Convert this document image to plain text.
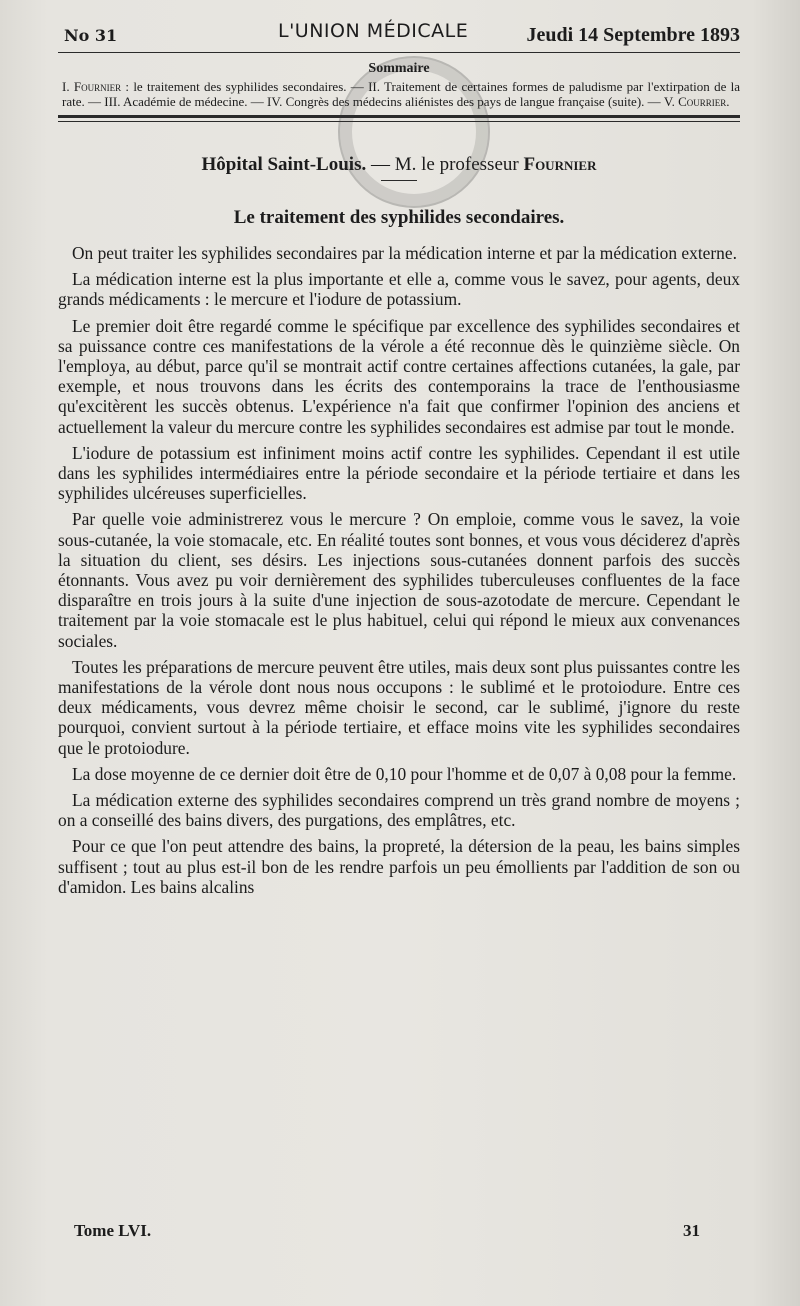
No 31	L'UNION MÉDICALE	Jeudi 14 Septembre 1893
Sommaire
I. Fournier : le traitement des syphilides secondaires. — II. Traitement de certaines formes de paludisme par l'extirpation de la rate. — III. Académie de médecine. — IV. Congrès des médecins aliénistes des pays de langue française (suite). — V. Courrier.
Hôpital Saint-Louis. — M. le professeur Fournier
Le traitement des syphilides secondaires.

On peut traiter les syphilides secondaires par la médication interne et par la médication externe.

La médication interne est la plus importante et elle a, comme vous le savez, pour agents, deux grands médicaments : le mercure et l'iodure de potassium.

Le premier doit être regardé comme le spécifique par excellence des syphilides secondaires et sa puissance contre ces manifestations de la vérole a été reconnue dès le quinzième siècle. On l'employa, au début, parce qu'il se montrait actif contre certaines affections cutanées, la gale, par exemple, et nous trouvons dans les écrits des contemporains la trace de l'enthousiasme qu'excitèrent les succès obtenus. L'expérience n'a fait que confirmer l'opinion des anciens et actuellement la valeur du mercure contre les syphilides secondaires est admise par tout le monde.

L'iodure de potassium est infiniment moins actif contre les syphilides. Cependant il est utile dans les syphilides intermédiaires entre la période secondaire et la période tertiaire et dans les syphilides ulcéreuses superficielles.

Par quelle voie administrerez vous le mercure ? On emploie, comme vous le savez, la voie sous-cutanée, la voie stomacale, etc. En réalité toutes sont bonnes, et vous vous déciderez d'après la situation du client, ses désirs. Les injections sous-cutanées donnent parfois des succès étonnants. Vous avez pu voir dernièrement des syphilides tuberculeuses confluentes de la face disparaître en trois jours à la suite d'une injection de sous-azotodate de mercure. Cependant le traitement par la voie stomacale est le plus habituel, celui qui répond le mieux aux convenances sociales.

Toutes les préparations de mercure peuvent être utiles, mais deux sont plus puissantes contre les manifestations de la vérole dont nous nous occupons : le sublimé et le protoiodure. Entre ces deux médicaments, vous devrez même choisir le second, car le sublimé, j'ignore du reste pourquoi, convient surtout à la période tertiaire, et efface moins vite les syphilides secondaires que le protoiodure.

La dose moyenne de ce dernier doit être de 0,10 pour l'homme et de 0,07 à 0,08 pour la femme.

La médication externe des syphilides secondaires comprend un très grand nombre de moyens ; on a conseillé des bains divers, des purgations, des emplâtres, etc.

Pour ce que l'on peut attendre des bains, la propreté, la détersion de la peau, les bains simples suffisent ; tout au plus est-il bon de les rendre parfois un peu émollients par l'addition de son ou d'amidon. Les bains alcalins

Tome LVI.	31
